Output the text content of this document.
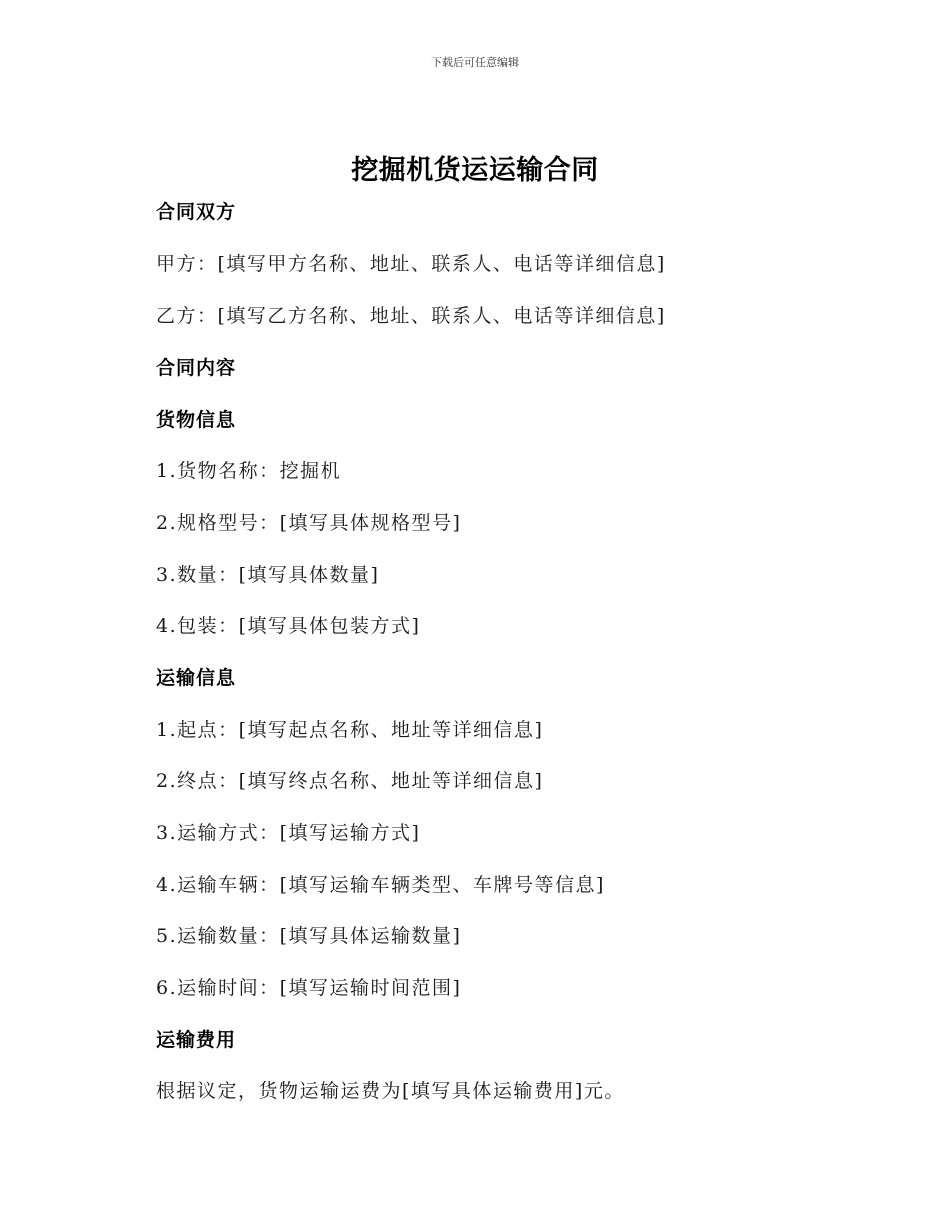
下载后可任意编辑
挖掘机货运运输合同
合同双方
甲方：[填写甲方名称、地址、联系人、电话等详细信息]
乙方：[填写乙方名称、地址、联系人、电话等详细信息]
合同内容
货物信息
1.货物名称：挖掘机
2.规格型号：[填写具体规格型号]
3.数量：[填写具体数量]
4.包装：[填写具体包装方式]
运输信息
1.起点：[填写起点名称、地址等详细信息]
2.终点：[填写终点名称、地址等详细信息]
3.运输方式：[填写运输方式]
4.运输车辆：[填写运输车辆类型、车牌号等信息]
5.运输数量：[填写具体运输数量]
6.运输时间：[填写运输时间范围]
运输费用
根据议定，货物运输运费为[填写具体运输费用]元。
